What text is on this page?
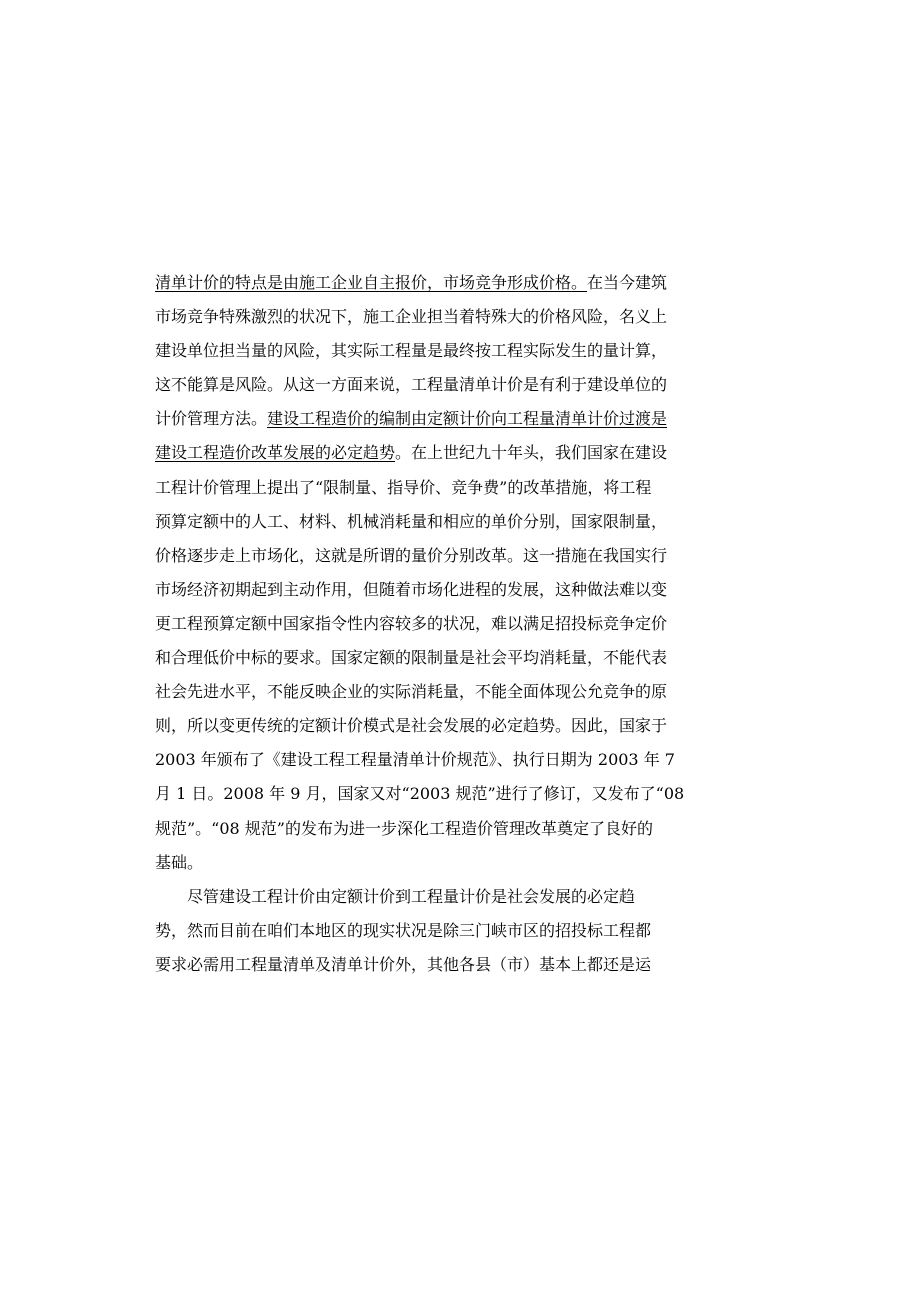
清单计价的特点是由施工企业自主报价，市场竞争形成价格。在当今建筑
市场竞争特殊激烈的状况下，施工企业担当着特殊大的价格风险，名义上
建设单位担当量的风险，其实际工程量是最终按工程实际发生的量计算，
这不能算是风险。从这一方面来说，工程量清单计价是有利于建设单位的
计价管理方法。建设工程造价的编制由定额计价向工程量清单计价过渡是
建设工程造价改革发展的必定趋势。在上世纪九十年头，我们国家在建设
工程计价管理上提出了“限制量、指导价、竞争费”的改革措施，将工程
预算定额中的人工、材料、机械消耗量和相应的单价分别，国家限制量，
价格逐步走上市场化，这就是所谓的量价分别改革。这一措施在我国实行
市场经济初期起到主动作用，但随着市场化进程的发展，这种做法难以变
更工程预算定额中国家指令性内容较多的状况，难以满足招投标竞争定价
和合理低价中标的要求。国家定额的限制量是社会平均消耗量，不能代表
社会先进水平，不能反映企业的实际消耗量，不能全面体现公允竞争的原
则，所以变更传统的定额计价模式是社会发展的必定趋势。因此，国家于
2003 年颁布了《建设工程工程量清单计价规范》、执行日期为 2003 年 7
月 1 日。2008 年 9 月，国家又对“2003 规范”进行了修订，又发布了“08
规范”。“08 规范”的发布为进一步深化工程造价管理改革奠定了良好的
基础。
尽管建设工程计价由定额计价到工程量计价是社会发展的必定趋
势，然而目前在咱们本地区的现实状况是除三门峡市区的招投标工程都
要求必需用工程量清单及清单计价外，其他各县（市）基本上都还是运
